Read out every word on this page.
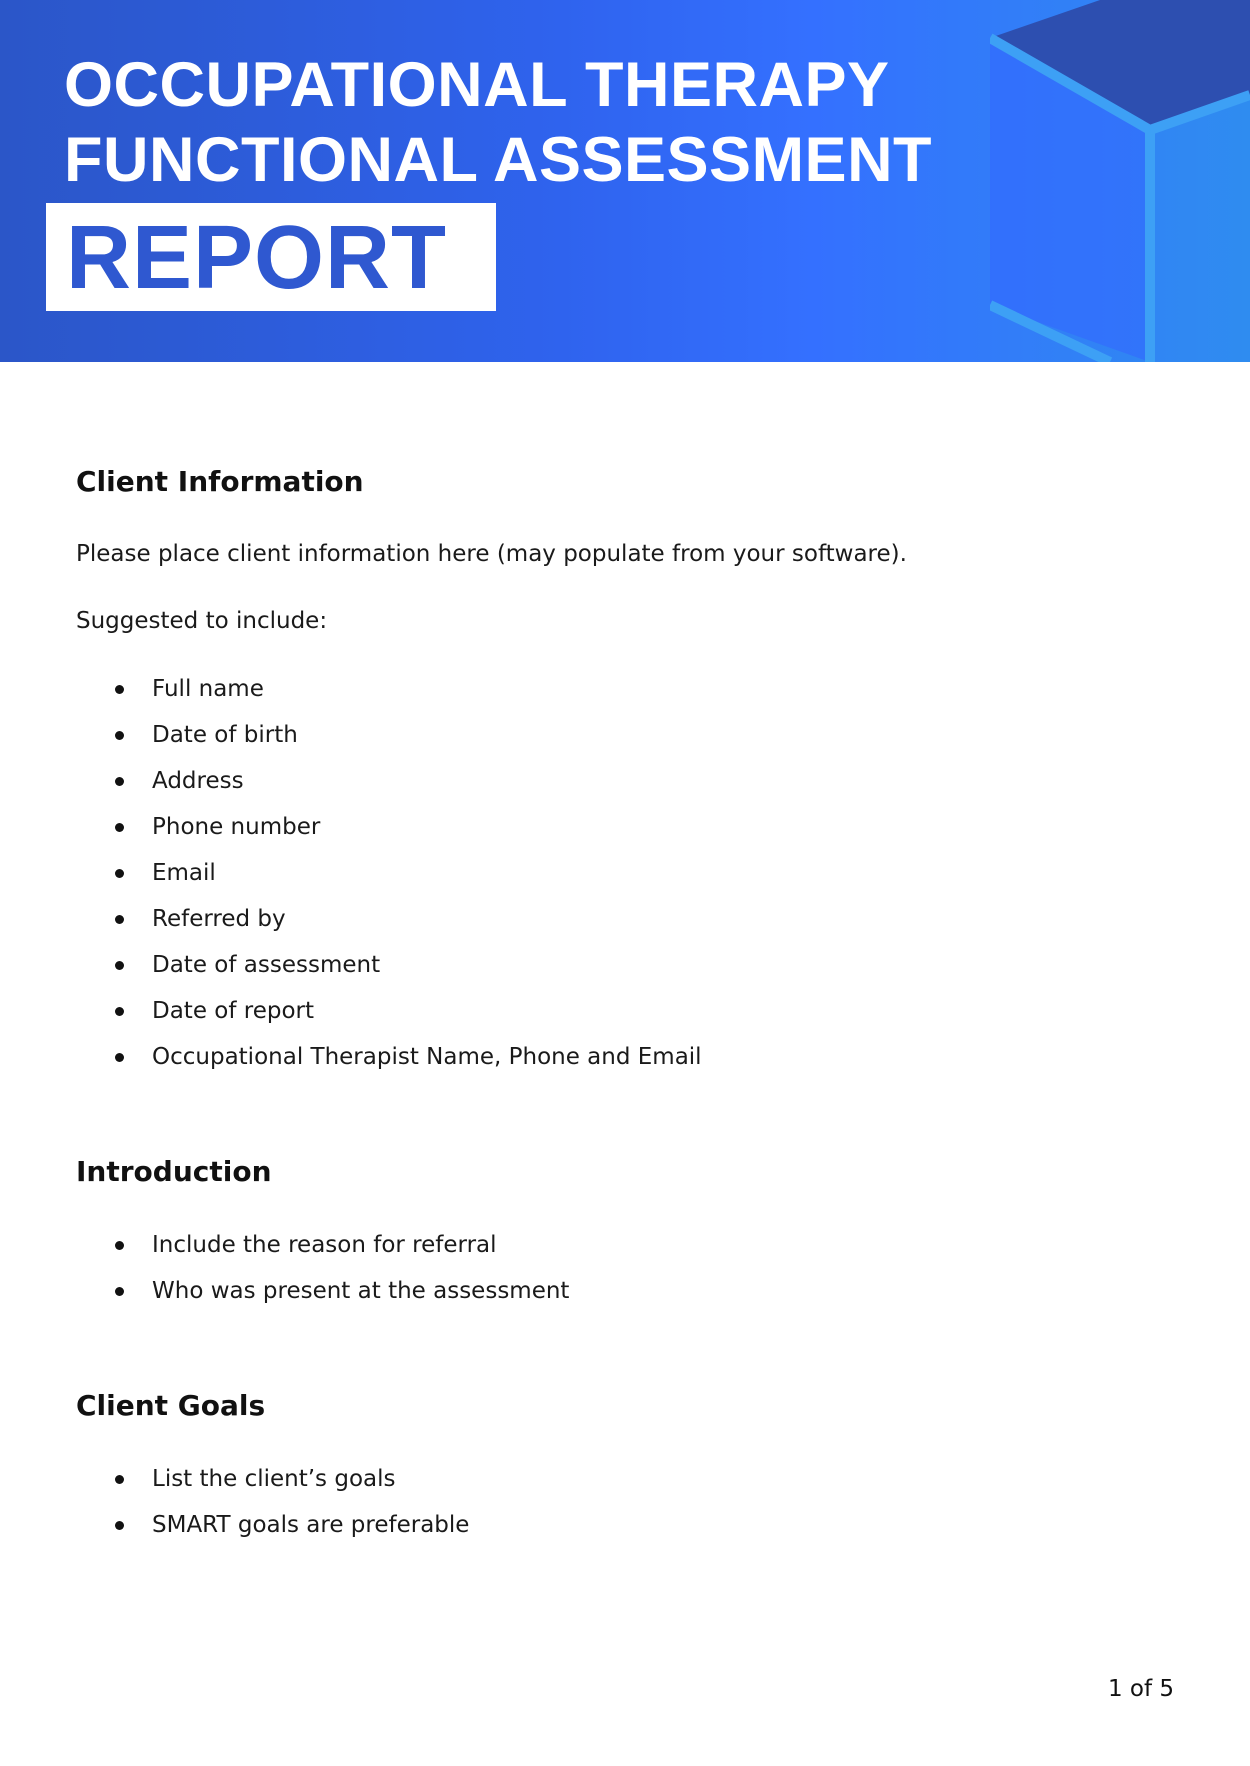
OCCUPATIONAL THERAPY
FUNCTIONAL ASSESSMENT
REPORT
Client Information

Please place client information here (may populate from your software).

Suggested to include:

Full name
Date of birth
Address
Phone number
Email
Referred by
Date of assessment
Date of report
Occupational Therapist Name, Phone and Email
Introduction
Include the reason for referral
Who was present at the assessment
Client Goals
List the client’s goals
SMART goals are preferable

1 of 5
